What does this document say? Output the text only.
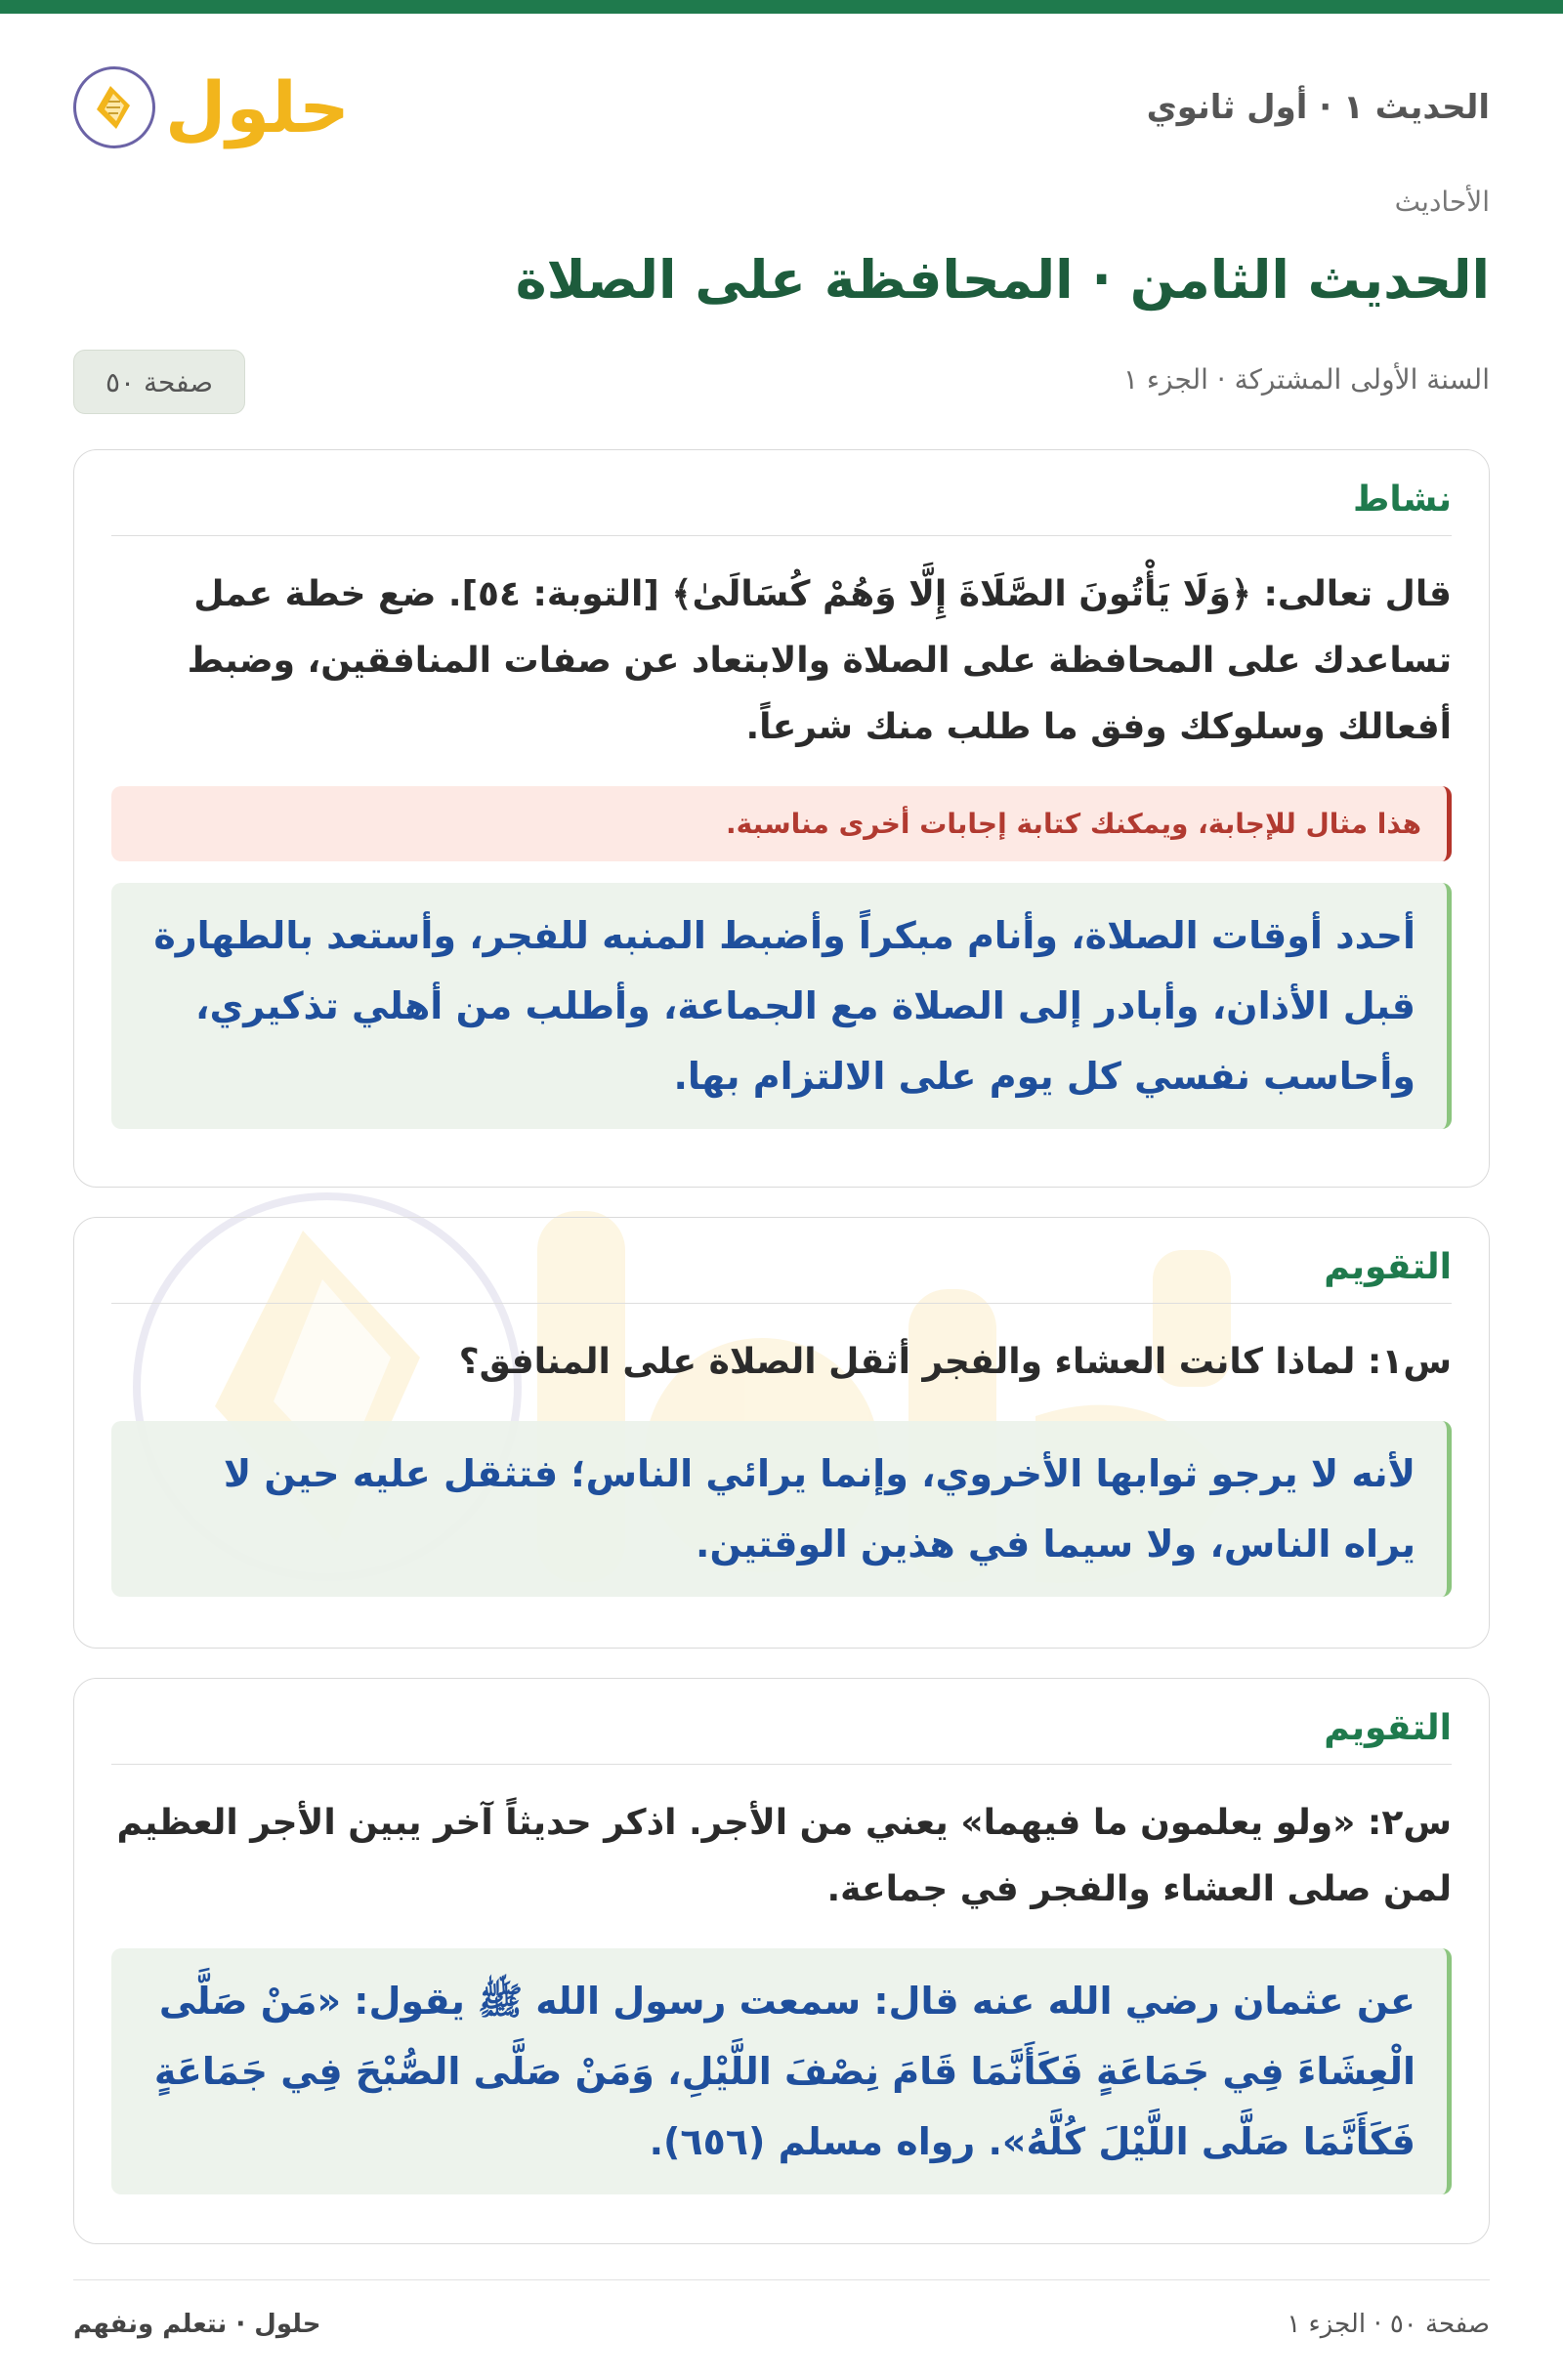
حلول	الحديث ١ · أول ثانوي
الأحاديث
الحديث الثامن · المحافظة على الصلاة
السنة الأولى المشتركة · الجزء ١
صفحة ٥٠
نشاط
قال تعالى: ﴿وَلَا يَأْتُونَ الصَّلَاةَ إِلَّا وَهُمْ كُسَالَىٰ﴾ [التوبة: ٥٤]. ضع خطة عمل تساعدك على المحافظة على الصلاة والابتعاد عن صفات المنافقين، وضبط أفعالك وسلوكك وفق ما طلب منك شرعاً.
هذا مثال للإجابة، ويمكنك كتابة إجابات أخرى مناسبة.
أحدد أوقات الصلاة، وأنام مبكراً وأضبط المنبه للفجر، وأستعد بالطهارة قبل الأذان، وأبادر إلى الصلاة مع الجماعة، وأطلب من أهلي تذكيري، وأحاسب نفسي كل يوم على الالتزام بها.
التقويم
س١: لماذا كانت العشاء والفجر أثقل الصلاة على المنافق؟
لأنه لا يرجو ثوابها الأخروي، وإنما يرائي الناس؛ فتثقل عليه حين لا يراه الناس، ولا سيما في هذين الوقتين.
التقويم
س٢: «ولو يعلمون ما فيهما» يعني من الأجر. اذكر حديثاً آخر يبين الأجر العظيم لمن صلى العشاء والفجر في جماعة.
عن عثمان رضي الله عنه قال: سمعت رسول الله ﷺ يقول: «مَنْ صَلَّى الْعِشَاءَ فِي جَمَاعَةٍ فَكَأَنَّمَا قَامَ نِصْفَ اللَّيْلِ، وَمَنْ صَلَّى الصُّبْحَ فِي جَمَاعَةٍ فَكَأَنَّمَا صَلَّى اللَّيْلَ كُلَّهُ». رواه مسلم (٦٥٦).
صفحة ٥٠ · الجزء ١
حلول · نتعلم ونفهم
